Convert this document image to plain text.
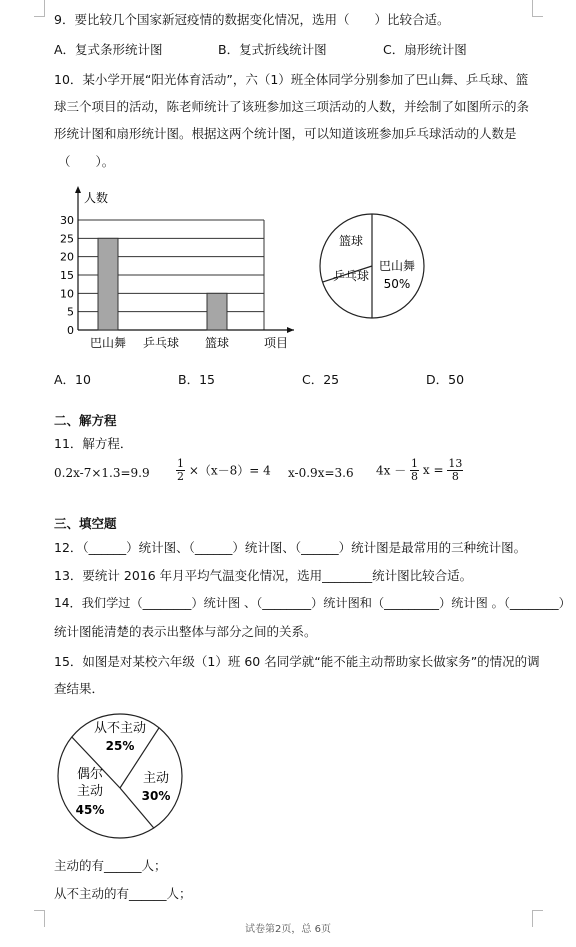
9．要比较几个国家新冠疫情的数据变化情况，选用（　　）比较合适。
A．复式条形统计图	B．复式折线统计图	C．扇形统计图
10．某小学开展“阳光体育活动”，六（1）班全体同学分别参加了巴山舞、乒乓球、篮
球三个项目的活动，陈老师统计了该班参加这三项活动的人数，并绘制了如图所示的条
形统计图和扇形统计图。根据这两个统计图，可以知道该班参加乒乓球活动的人数是
（　　）。
0
5
10
15
20
25
30
人数
巴山舞 乒乓球 篮球	项目
巴山舞
50%
篮球
乒乓球
A．10	B．15	C．25	D．50
二、解方程
11．解方程．
$0.2x-7\times 1.3=9.9 \frac{1}{2} \times(x-8)= 4$ x-0.9x=3.6 $4x - \frac{1}{8}$ $x = \frac{13}{8}$
三、填空题
12．（______）统计图、（______）统计图、（______）统计图是最常用的三种统计图。
13．要统计 2016 年月平均气温变化情况，选用________统计图比较合适。
14．我们学过（________）统计图 、（________）统计图和（_________）统计图 。（________）
统计图能清楚的表示出整体与部分之间的关系。
15．如图是对某校六年级（1）班 60 名同学就“能不能主动帮助家长做家务”的情况的调
查结果．
从不主动
25%
主动
30%
偶尔主动
45%
主动的有______人；
从不主动的有______人；
试卷第2页，总 6页
